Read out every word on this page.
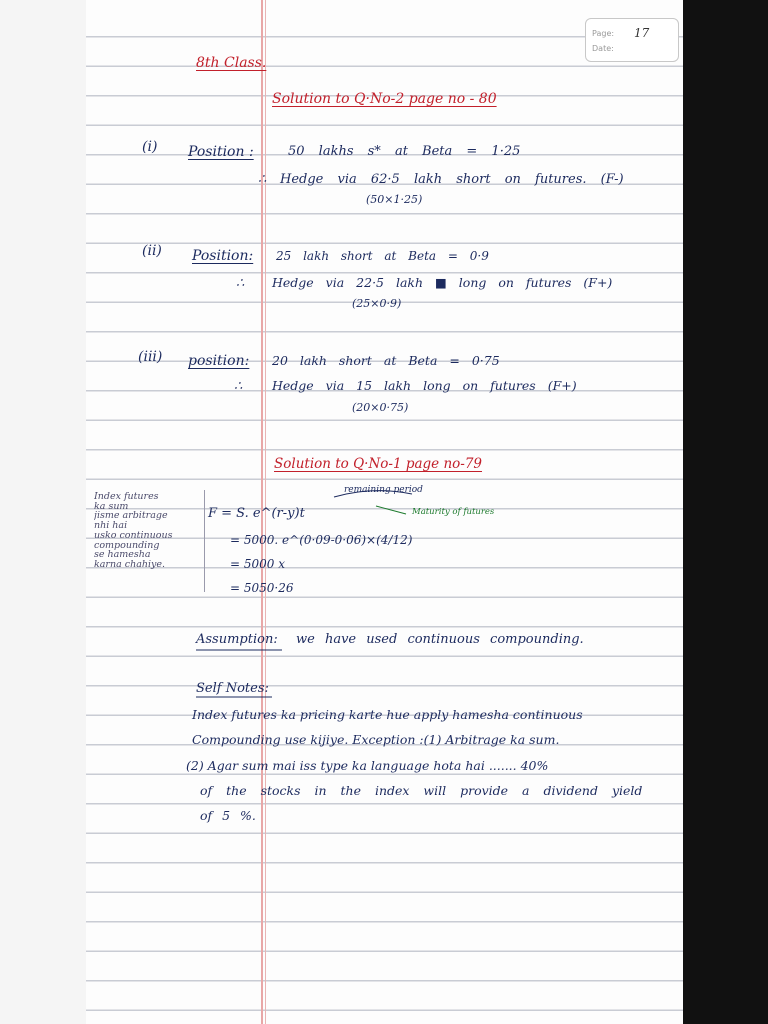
Page: 17
Date:
8th Class.
Solution to Q·No-2 page no - 80
(i) Position :	50 lakhs s* at Beta = 1·25
∴ Hedge via 62·5 lakh short on futures. (F-)
(50×1·25)
(ii) Position: 25 lakh short at Beta = 0·9
∴ Hedge via 22·5 lakh ■ long on futures (F+)
(25×0·9)
(iii) position: 20 lakh short at Beta = 0·75
∴ Hedge via 15 lakh long on futures (F+)
(20×0·75)
Solution to Q·No-1 page no-79
remaining period
Maturity of futures
F = S. e^(r-y)t
= 5000. e^(0·09-0·06)×(4/12)
= 5000 x
= 5050·26
Index futures
ka sum
jisme arbitrage
nhi hai
usko continuous
compounding
se hamesha
karna chahiye.
Assumption: we have used continuous compounding.
Self Notes:
Index futures ka pricing karte hue apply hamesha continuous
Compounding use kijiye. Exception :(1) Arbitrage ka sum.
(2) Agar sum mai iss type ka language hota hai ....... 40%
of the stocks in the index will provide a dividend yield
of 5 %.
